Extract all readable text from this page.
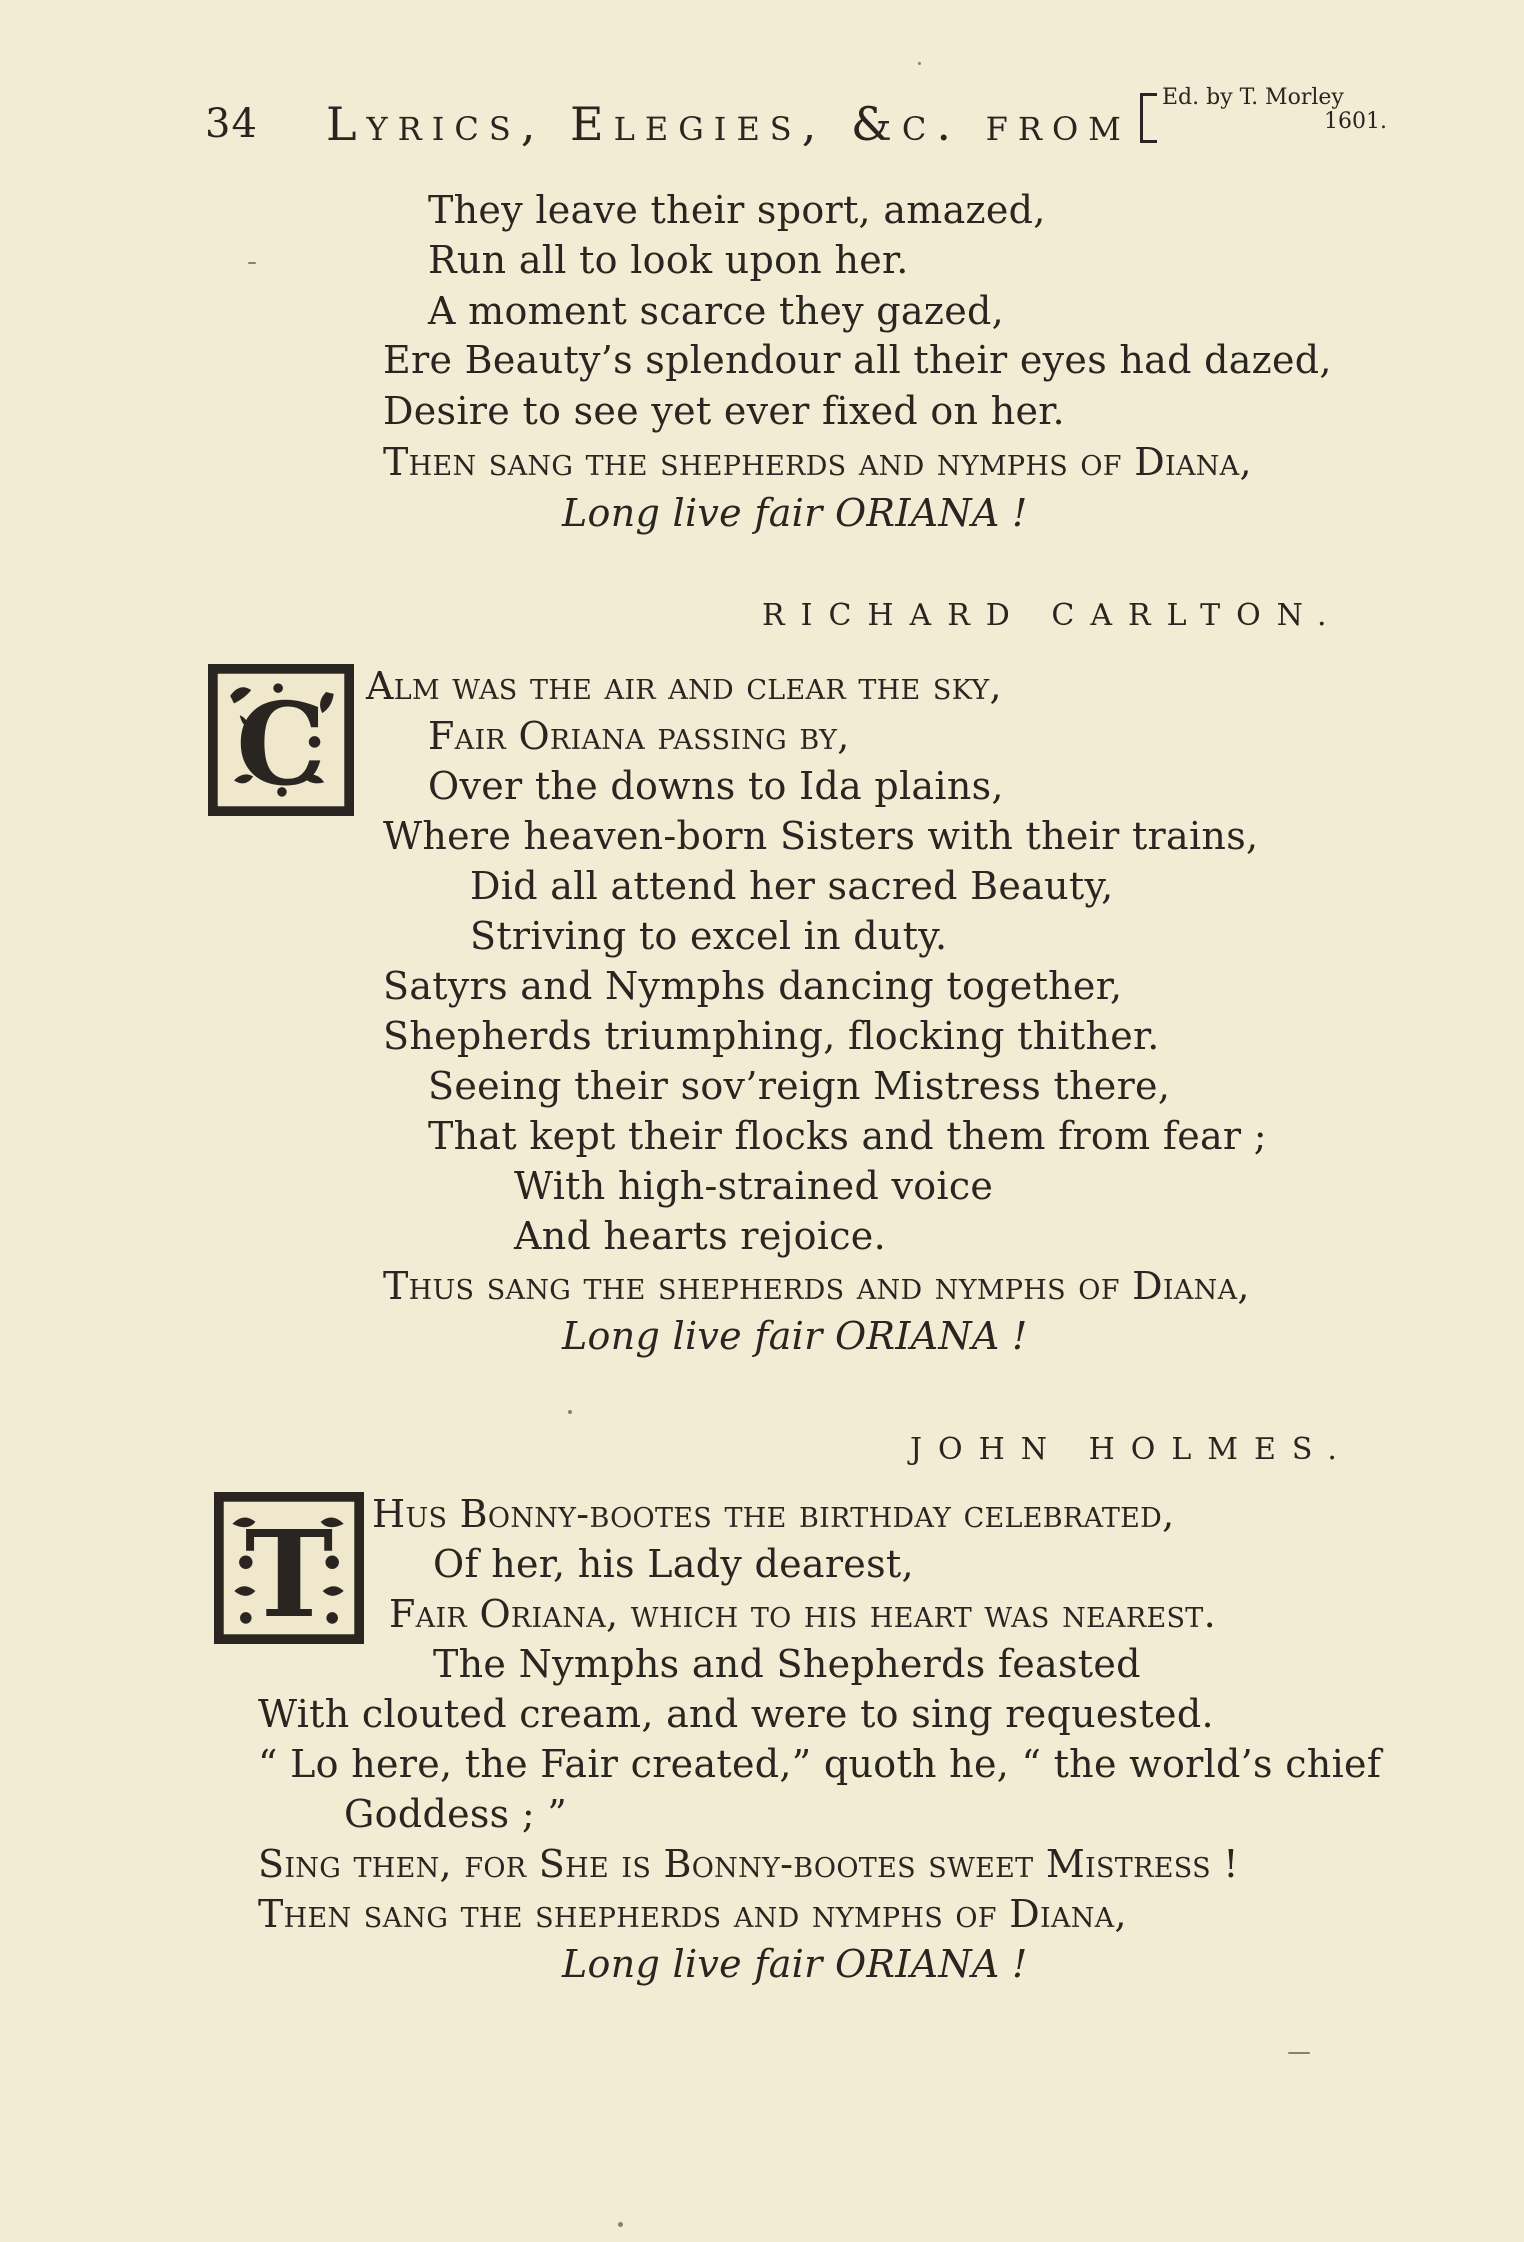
34 Lyrics, Elegies, &c. from Ed. by T. Morley
1601.
They leave their sport, amazed,
Run all to look upon her.
A moment scarce they gazed,
Ere Beauty’s splendour all their eyes had dazed,
Desire to see yet ever fixed on her.
Then sang the shepherds and nymphs of Diana,
Long live fair ORIANA !
RICHARD CARLTON.
C Alm was the air and clear the sky,
Fair Oriana passing by,
Over the downs to Ida plains,
Where heaven-born Sisters with their trains,
Did all attend her sacred Beauty,
Striving to excel in duty.
Satyrs and Nymphs dancing together,
Shepherds triumphing, flocking thither.
Seeing their sov’reign Mistress there,
That kept their flocks and them from fear ;
With high-strained voice
And hearts rejoice.
Thus sang the shepherds and nymphs of Diana,
Long live fair ORIANA !
JOHN HOLMES.
T Hus Bonny-bootes the birthday celebrated,
Of her, his Lady dearest,
Fair Oriana, which to his heart was nearest.
The Nymphs and Shepherds feasted
With clouted cream, and were to sing requested.
“ Lo here, the Fair created,” quoth he, “ the world’s chief
Goddess ; ”
Sing then, for She is Bonny-bootes sweet Mistress !
Then sang the shepherds and nymphs of Diana,
Long live fair ORIANA !
